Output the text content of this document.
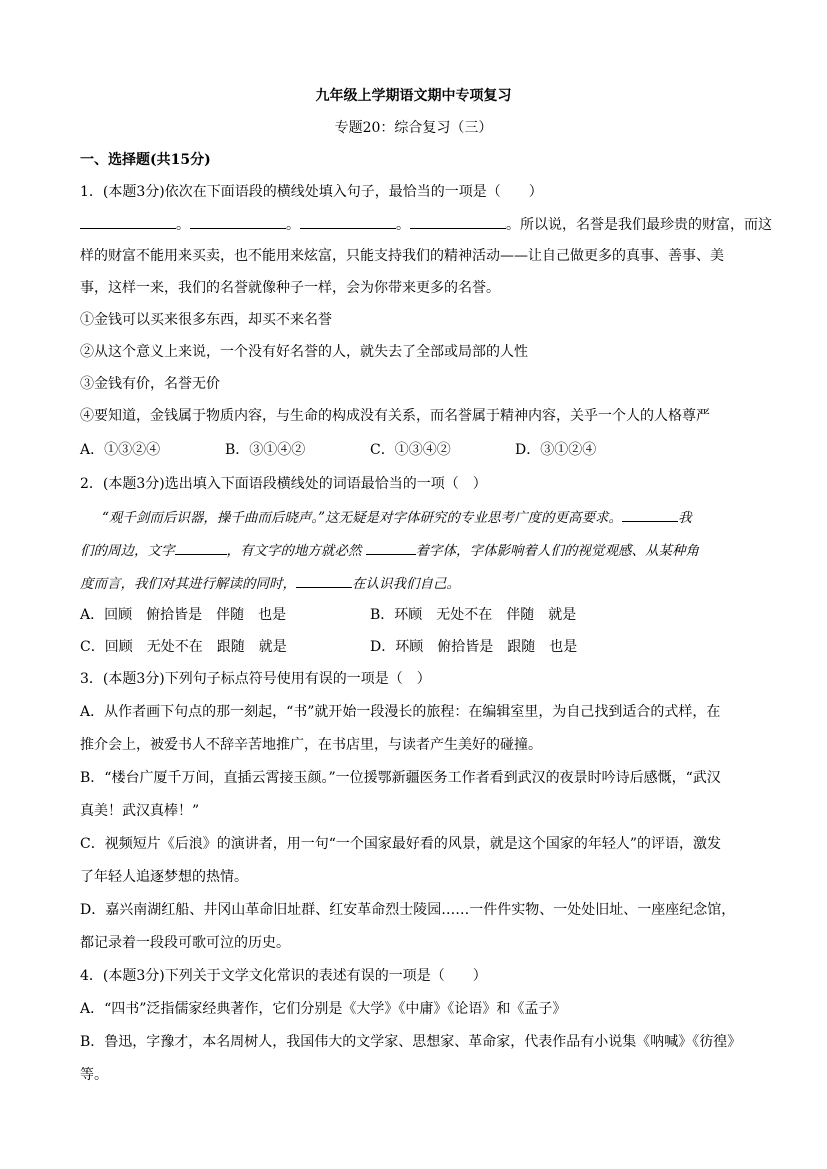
九年级上学期语文期中专项复习
专题20：综合复习（三）
一、选择题(共15分)
1．(本题3分)依次在下面语段的横线处填入句子，最恰当的一项是（　　）
。	。	。	。所以说，名誉是我们最珍贵的财富，而这
样的财富不能用来买卖，也不能用来炫富，只能支持我们的精神活动——让自己做更多的真事、善事、美
事，这样一来，我们的名誉就像种子一样，会为你带来更多的名誉。
①金钱可以买来很多东西，却买不来名誉
②从这个意义上来说，一个没有好名誉的人，就失去了全部或局部的人性
③金钱有价，名誉无价
④要知道，金钱属于物质内容，与生命的构成没有关系，而名誉属于精神内容，关乎一个人的人格尊严
A．①③②④	B．③①④②	C．①③④②	D．③①②④
2．(本题3分)选出填入下面语段横线处的词语最恰当的一项（　）
“观千剑而后识器，操千曲而后晓声。”这无疑是对字体研究的专业思考广度的更高要求。	我
们的周边，文字	，有文字的地方就必然	着字体，字体影响着人们的视觉观感、从某种角
度而言，我们对其进行解读的同时，	在认识我们自己。
A．回顾　俯拾皆是　伴随　也是	B．环顾　无处不在　伴随　就是
C．回顾　无处不在　跟随　就是	D．环顾　俯拾皆是　跟随　也是
3．(本题3分)下列句子标点符号使用有误的一项是（　）
A．从作者画下句点的那一刻起，“书”就开始一段漫长的旅程：在编辑室里，为自己找到适合的式样，在
推介会上，被爱书人不辞辛苦地推广，在书店里，与读者产生美好的碰撞。
B．“楼台广厦千万间，直插云霄接玉颜。”一位援鄂新疆医务工作者看到武汉的夜景时吟诗后感慨，“武汉
真美！武汉真棒！”
C．视频短片《后浪》的演讲者，用一句“一个国家最好看的风景，就是这个国家的年轻人”的评语，激发
了年轻人追逐梦想的热情。
D．嘉兴南湖红船、井冈山革命旧址群、红安革命烈士陵园……一件件实物、一处处旧址、一座座纪念馆，
都记录着一段段可歌可泣的历史。
4．(本题3分)下列关于文学文化常识的表述有误的一项是（　　）
A．“四书”泛指儒家经典著作，它们分别是《大学》《中庸》《论语》和《孟子》
B．鲁迅，字豫才，本名周树人，我国伟大的文学家、思想家、革命家，代表作品有小说集《呐喊》《彷徨》
等。
